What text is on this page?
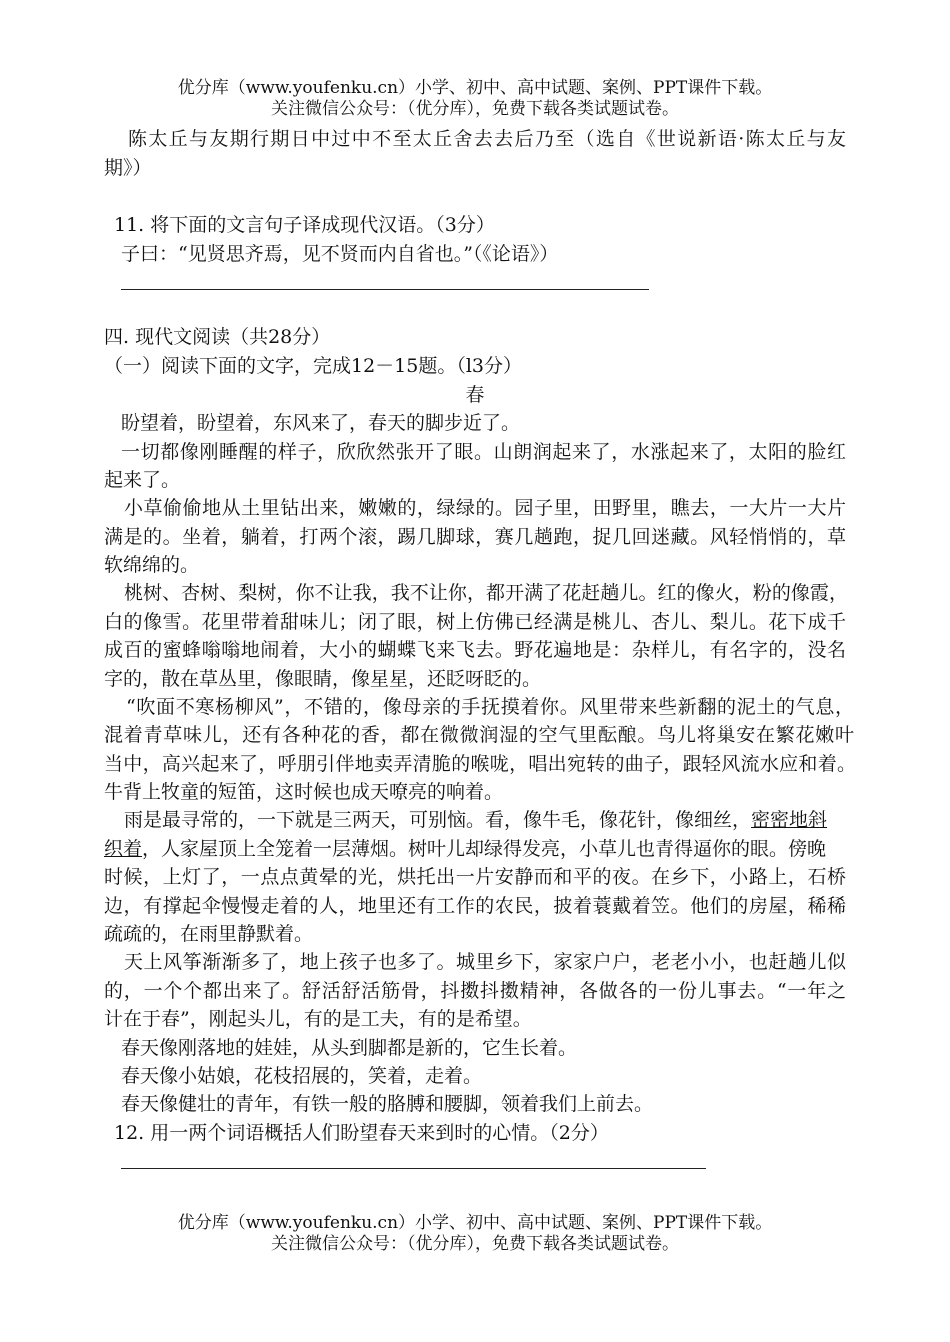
优分库（www.youfenku.cn）小学、初中、高中试题、案例、PPT课件下载。
关注微信公众号：（优分库），免费下载各类试题试卷。
陈太丘与友期行期日中过中不至太丘舍去去后乃至（选自《世说新语·陈太丘与友
期》）
11. 将下面的文言句子译成现代汉语。（3分）
子曰：“见贤思齐焉，见不贤而内自省也。”（《论语》）
四. 现代文阅读（共28分）
（一）阅读下面的文字，完成12－15题。（l3分）
春
盼望着，盼望着，东风来了，春天的脚步近了。
一切都像刚睡醒的样子，欣欣然张开了眼。山朗润起来了，水涨起来了，太阳的脸红
起来了。
小草偷偷地从土里钻出来，嫩嫩的，绿绿的。园子里，田野里，瞧去，一大片一大片
满是的。坐着，躺着，打两个滚，踢几脚球，赛几趟跑，捉几回迷藏。风轻悄悄的，草
软绵绵的。
桃树、杏树、梨树，你不让我，我不让你，都开满了花赶趟儿。红的像火，粉的像霞，
白的像雪。花里带着甜味儿；闭了眼，树上仿佛已经满是桃儿、杏儿、梨儿。花下成千
成百的蜜蜂嗡嗡地闹着，大小的蝴蝶飞来飞去。野花遍地是：杂样儿，有名字的，没名
字的，散在草丛里，像眼睛，像星星，还眨呀眨的。
“吹面不寒杨柳风”，不错的，像母亲的手抚摸着你。风里带来些新翻的泥土的气息，
混着青草味儿，还有各种花的香，都在微微润湿的空气里酝酿。鸟儿将巢安在繁花嫩叶
当中，高兴起来了，呼朋引伴地卖弄清脆的喉咙，唱出宛转的曲子，跟轻风流水应和着。
牛背上牧童的短笛，这时候也成天嘹亮的响着。
雨是最寻常的，一下就是三两天，可别恼。看，像牛毛，像花针，像细丝，密密地斜
织着，人家屋顶上全笼着一层薄烟。树叶儿却绿得发亮，小草儿也青得逼你的眼。傍晚
时候，上灯了，一点点黄晕的光，烘托出一片安静而和平的夜。在乡下，小路上，石桥
边，有撑起伞慢慢走着的人，地里还有工作的农民，披着蓑戴着笠。他们的房屋，稀稀
疏疏的，在雨里静默着。
天上风筝渐渐多了，地上孩子也多了。城里乡下，家家户户，老老小小，也赶趟儿似
的，一个个都出来了。舒活舒活筋骨，抖擞抖擞精神，各做各的一份儿事去。“一年之
计在于春”，刚起头儿，有的是工夫，有的是希望。
春天像刚落地的娃娃，从头到脚都是新的，它生长着。
春天像小姑娘，花枝招展的，笑着，走着。
春天像健壮的青年，有铁一般的胳膊和腰脚，领着我们上前去。
12. 用一两个词语概括人们盼望春天来到时的心情。（2分）
优分库（www.youfenku.cn）小学、初中、高中试题、案例、PPT课件下载。
关注微信公众号：（优分库），免费下载各类试题试卷。
